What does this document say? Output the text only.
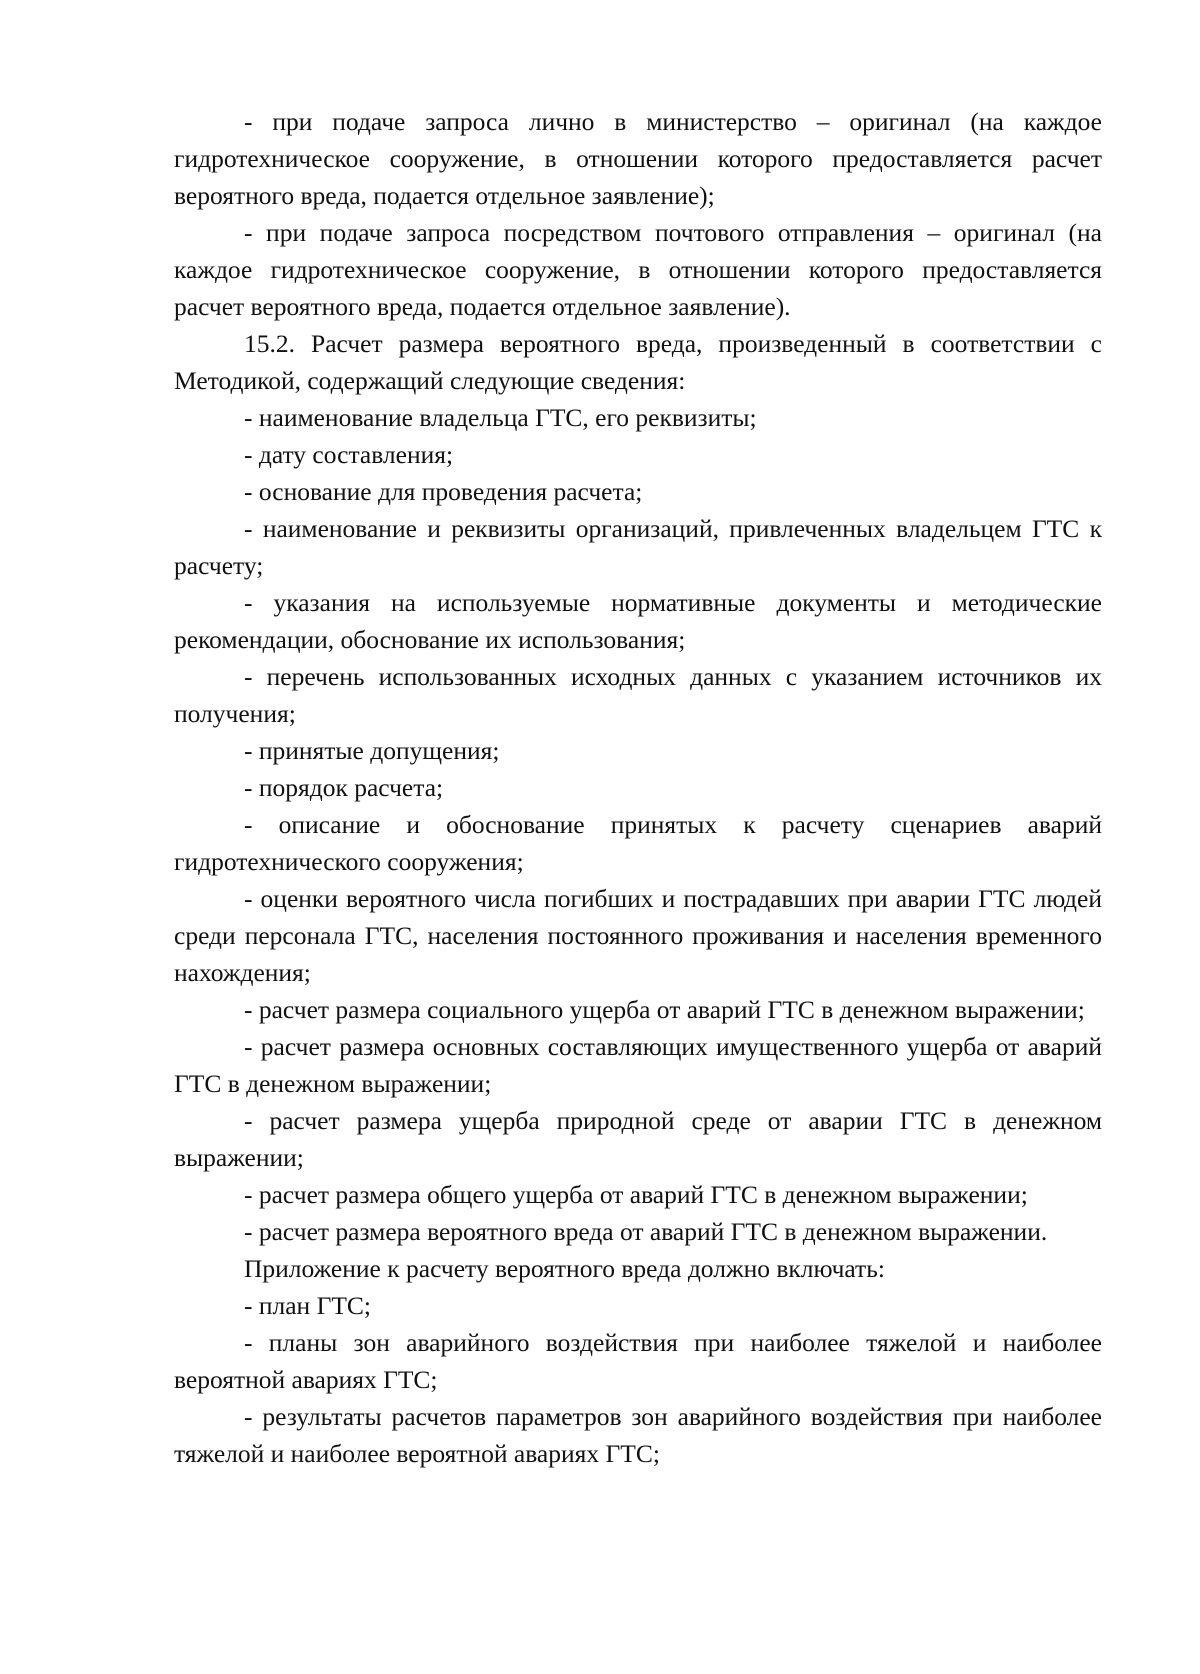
- при подаче запроса лично в министерство – оригинал (на каждое гидротехническое сооружение, в отношении которого предоставляется расчет вероятного вреда, подается отдельное заявление);

- при подаче запроса посредством почтового отправления – оригинал (на каждое гидротехническое сооружение, в отношении которого предоставляется расчет вероятного вреда, подается отдельное заявление).

15.2. Расчет размера вероятного вреда, произведенный в соответствии с Методикой, содержащий следующие сведения:

- наименование владельца ГТС, его реквизиты;

- дату составления;

- основание для проведения расчета;

- наименование и реквизиты организаций, привлеченных владельцем ГТС к расчету;

- указания на используемые нормативные документы и методические рекомендации, обоснование их использования;

- перечень использованных исходных данных с указанием источников их получения;

- принятые допущения;

- порядок расчета;

- описание и обоснование принятых к расчету сценариев аварий гидротехнического сооружения;

- оценки вероятного числа погибших и пострадавших при аварии ГТС людей среди персонала ГТС, населения постоянного проживания и населения временного нахождения;

- расчет размера социального ущерба от аварий ГТС в денежном выражении;

- расчет размера основных составляющих имущественного ущерба от аварий ГТС в денежном выражении;

- расчет размера ущерба природной среде от аварии ГТС в денежном выражении;

- расчет размера общего ущерба от аварий ГТС в денежном выражении;

- расчет размера вероятного вреда от аварий ГТС в денежном выражении.

Приложение к расчету вероятного вреда должно включать:

- план ГТС;

- планы зон аварийного воздействия при наиболее тяжелой и наиболее вероятной авариях ГТС;

- результаты расчетов параметров зон аварийного воздействия при наиболее тяжелой и наиболее вероятной авариях ГТС;
